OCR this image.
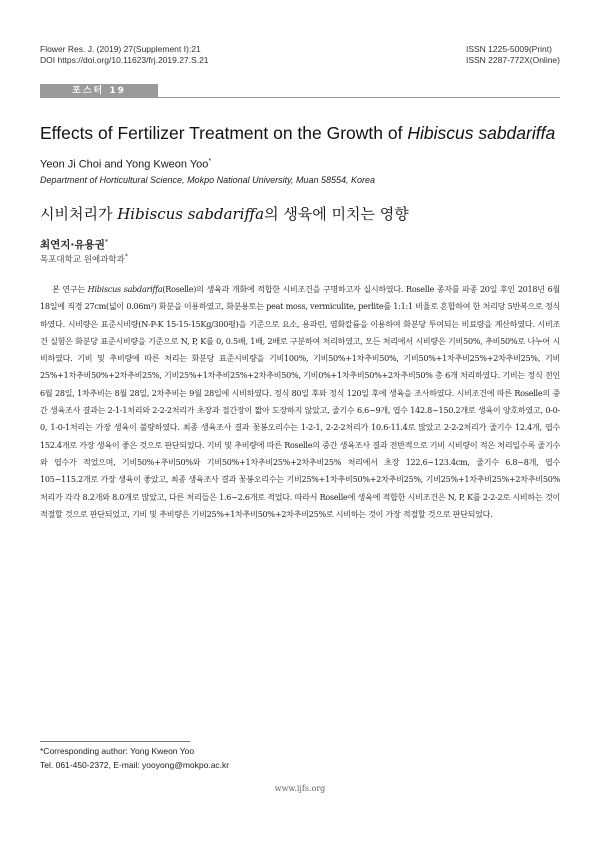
Flower Res. J. (2019) 27(Supplement Ⅰ):21
DOI https://doi.org/10.11623/frj.2019.27.S.21
ISSN 1225-5009(Print)
ISSN 2287-772X(Online)
포스터 19
Effects of Fertilizer Treatment on the Growth of Hibiscus sabdariffa
Yeon Ji Choi and Yong Kweon Yoo*
Department of Horticultural Science, Mokpo National University, Muan 58554, Korea
시비처리가 Hibiscus sabdariffa의 생육에 미치는 영향
최연지·유용권*
목포대학교 원예과학과*

본 연구는 Hibiscus sabdariffa(Roselle)의 생육과 개화에 적합한 시비조건을 구명하고자 실시하였다. Roselle 종자를 파종 20일 후인 2018년 6월 18일에 직경 27cm(넓이 0.06m²) 화분을 이용하였고, 화분용토는 peat moss, vermiculite, perlite를 1:1:1 비율로 혼합하여 한 처리당 5반복으로 정식하였다. 시비량은 표준시비량(N-P-K 15-15-15Kg/300평)을 기준으로 요소, 용과린, 염화칼륨을 이용하여 화분당 투여되는 비료량을 계산하였다. 시비조건 실험은 화분당 표준시비량을 기준으로 N, P, K를 0, 0.5배, 1배, 2배로 구분하여 처리하였고, 모든 처리에서 시비량은 기비50%, 추비50%로 나누어 시비하였다. 기비 및 추비량에 따른 처리는 화분당 표준시비량을 기비100%, 기비50%+1차추비50%, 기비50%+1차추비25%+2차추비25%, 기비25%+1차추비50%+2차추비25%, 기비25%+1차추비25%+2차추비50%, 기비0%+1차추비50%+2차추비50% 총 6개 처리하였다. 기비는 정식 전인 6월 28일, 1차추비는 8월 28일, 2차추비는 9월 28일에 시비하였다. 정식 80일 후와 정식 120일 후에 생육을 조사하였다. 시비조건에 따른 Roselle의 중간 생육조사 결과는 2-1-1처리와 2-2-2처리가 초장과 절간장이 짧아 도장하지 않았고, 줄기수 6.6~9개, 엽수 142.8~150.2개로 생육이 양호하였고, 0-0-0, 1-0-1처리는 가장 생육이 불량하였다. 최종 생육조사 결과 꽃봉오리수는 1-2-1, 2-2-2처리가 10.6-11.4로 많았고 2-2-2처리가 줄기수 12.4개, 엽수 152.4개로 가장 생육이 좋은 것으로 판단되었다. 기비 및 추비량에 따른 Roselle의 중간 생육조사 결과 전반적으로 기비 시비량이 적은 처리일수록 줄기수와 엽수가 적었으며, 기비50%+추비50%와 기비50%+1차추비25%+2차추비25% 처리에서 초장 122.6~123.4cm, 줄기수 6.8~8개, 엽수 105~115.2개로 가장 생육이 좋았고, 최종 생육조사 결과 꽃봉오리수는 기비25%+1차추비50%+2차추비25%, 기비25%+1차추비25%+2차추비50%처리가 각각 8.2개와 8.0개로 많았고, 다른 처리들은 1.6~2.6개로 적었다. 따라서 Roselle에 생육에 적합한 시비조건은 N, P, K를 2-2-2로 시비하는 것이 적절할 것으로 판단되었고, 기비 및 추비량은 기비25%+1차추비50%+2차추비25%로 시비하는 것이 가장 적절할 것으로 판단되었다.

*Corresponding author: Yong Kweon Yoo
Tel. 061-450-2372, E-mail: yooyong@mokpo.ac.kr
www.ijfs.org
